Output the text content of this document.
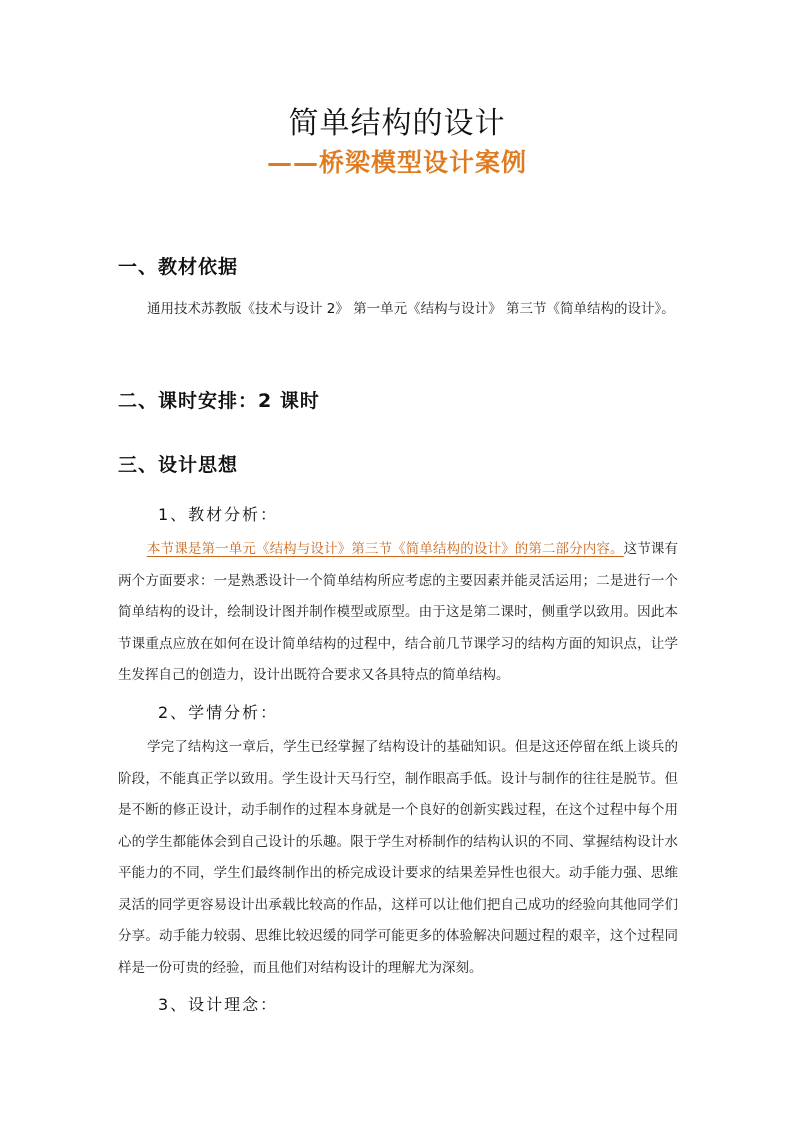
简单结构的设计
——桥梁模型设计案例
一、教材依据
通用技术苏教版《技术与设计 2》 第一单元《结构与设计》 第三节《简单结构的设计》。
二、课时安排：2 课时
三、设计思想
1、教材分析：
本节课是第一单元《结构与设计》第三节《简单结构的设计》的第二部分内容。这节课有两个方面要求：一是熟悉设计一个简单结构所应考虑的主要因素并能灵活运用；二是进行一个简单结构的设计，绘制设计图并制作模型或原型。由于这是第二课时，侧重学以致用。因此本节课重点应放在如何在设计简单结构的过程中，结合前几节课学习的结构方面的知识点，让学生发挥自己的创造力，设计出既符合要求又各具特点的简单结构。
2、学情分析：
学完了结构这一章后，学生已经掌握了结构设计的基础知识。但是这还停留在纸上谈兵的阶段，不能真正学以致用。学生设计天马行空，制作眼高手低。设计与制作的往往是脱节。但是不断的修正设计，动手制作的过程本身就是一个良好的创新实践过程，在这个过程中每个用心的学生都能体会到自己设计的乐趣。限于学生对桥制作的结构认识的不同、掌握结构设计水平能力的不同，学生们最终制作出的桥完成设计要求的结果差异性也很大。动手能力强、思维灵活的同学更容易设计出承载比较高的作品，这样可以让他们把自己成功的经验向其他同学们分享。动手能力较弱、思维比较迟缓的同学可能更多的体验解决问题过程的艰辛，这个过程同样是一份可贵的经验，而且他们对结构设计的理解尤为深刻。
3、设计理念：
